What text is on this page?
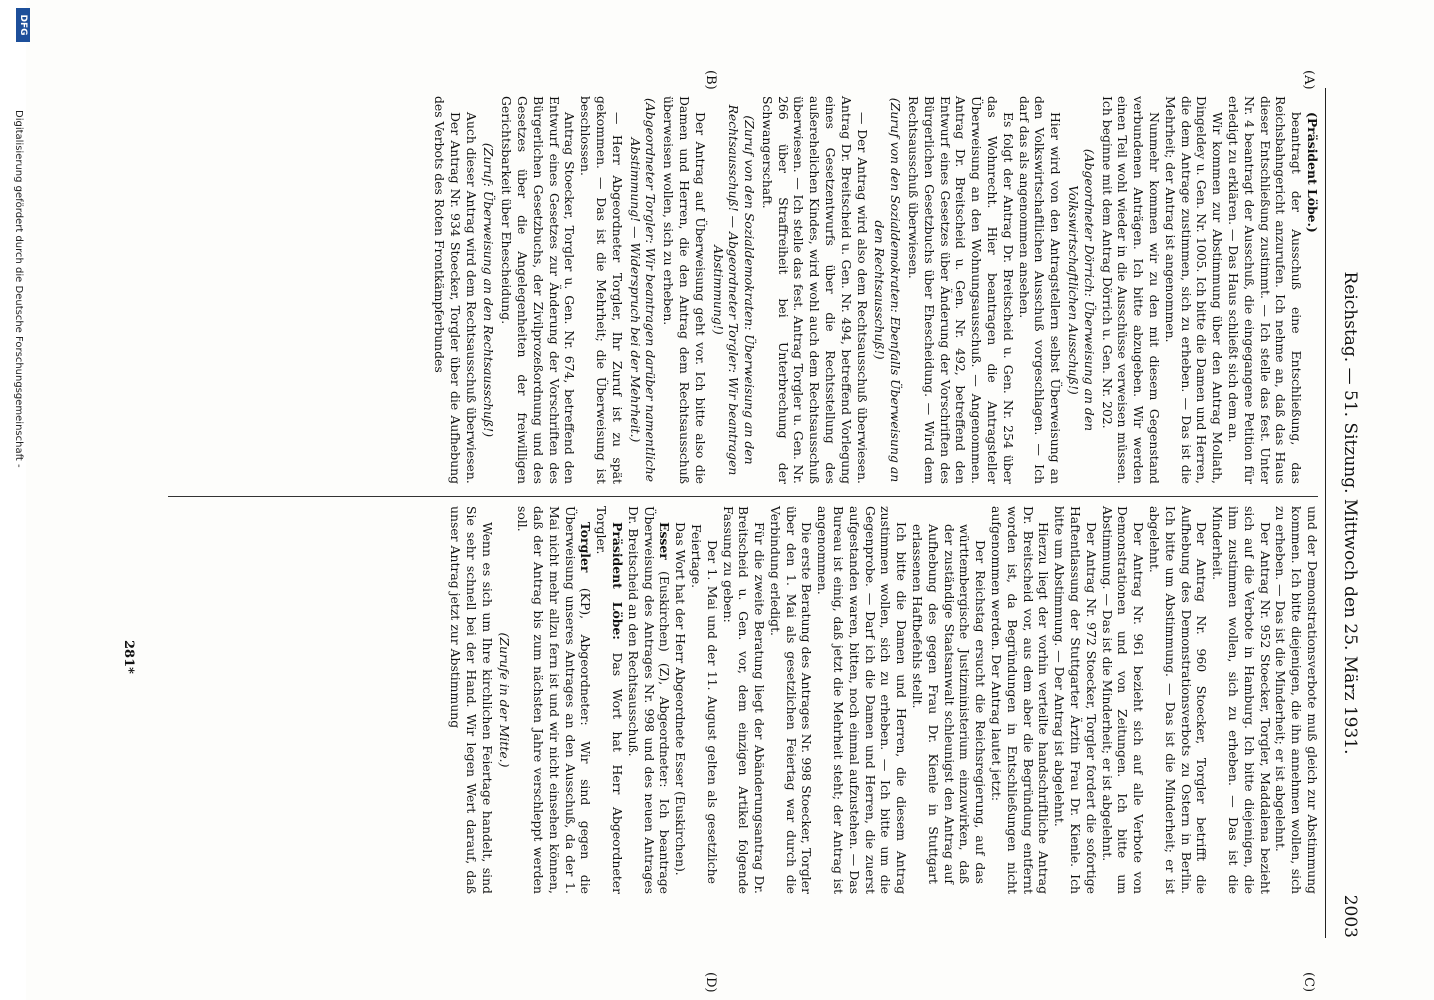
Reichstag. — 51. Sitzung. Mittwoch den 25. März 1931.
2003
(A)
(B)
(C)
(D)

(Präsident Löbe.)

beantragt der Ausschuß eine Entschließung, das Reichsbahngericht anzurufen. Ich nehme an, daß das Haus dieser Entschließung zustimmt. — Ich stelle das fest. Unter Nr. 4 beantragt der Ausschuß, die eingegangene Petition für erledigt zu erklären. — Das Haus schließt sich dem an.

Wir kommen zur Abstimmung über den Antrag Mollath, Dingeldey u. Gen. Nr. 1005. Ich bitte die Damen und Herren, die dem Antrage zustimmen, sich zu erheben. — Das ist die Mehrheit; der Antrag ist angenommen.

Nunmehr kommen wir zu den mit diesem Gegenstand verbundenen Anträgen. Ich bitte abzugeben. Wir werden einen Teil wohl wieder in die Ausschüsse verweisen müssen. Ich beginne mit dem Antrag Dörrich u. Gen. Nr. 202.

(Abgeordneter Dörrich: Überweisung an den Volkswirtschaftlichen Ausschuß!)

Hier wird von den Antragstellern selbst Überweisung an den Volkswirtschaftlichen Ausschuß vorgeschlagen. — Ich darf das als angenommen ansehen.

Es folgt der Antrag Dr. Breitscheid u. Gen. Nr. 254 über das Wohnrecht. Hier beantragen die Antragsteller Überweisung an den Wohnungsausschuß. — Angenommen. Antrag Dr. Breitscheid u. Gen. Nr. 492, betreffend den Entwurf eines Gesetzes über Änderung der Vorschriften des Bürgerlichen Gesetzbuchs über Ehescheidung. — Wird dem Rechtsausschuß überwiesen.

(Zuruf von den Sozialdemokraten: Ebenfalls Überweisung an den Rechtsausschuß!)

— Der Antrag wird also dem Rechtsausschuß überwiesen. Antrag Dr. Breitscheid u. Gen. Nr. 494, betreffend Vorlegung eines Gesetzentwurfs über die Rechtsstellung des außerehelichen Kindes, wird wohl auch dem Rechtsausschuß überwiesen. — Ich stelle das fest. Antrag Torgler u. Gen. Nr. 266 über Straffreiheit bei Unterbrechung der Schwangerschaft.

(Zuruf von den Sozialdemokraten: Überweisung an den Rechtsausschuß! — Abgeordneter Torgler: Wir beantragen Abstimmung!)

Der Antrag auf Überweisung geht vor. Ich bitte also die Damen und Herren, die den Antrag dem Rechtsausschuß überweisen wollen, sich zu erheben.

(Abgeordneter Torgler: Wir beantragen darüber namentliche Abstimmung! — Widerspruch bei der Mehrheit.)

— Herr Abgeordneter Torgler, Ihr Zuruf ist zu spät gekommen. — Das ist die Mehrheit; die Überweisung ist beschlossen.

Antrag Stoecker, Torgler u. Gen. Nr. 674, betreffend den Entwurf eines Gesetzes zur Änderung der Vorschriften des Bürgerlichen Gesetzbuchs, der Zivilprozeßordnung und des Gesetzes über die Angelegenheiten der freiwilligen Gerichtsbarkeit über Ehescheidung.

(Zuruf: Überweisung an den Rechtsausschuß!)

Auch dieser Antrag wird dem Rechtsausschuß überwiesen.

Der Antrag Nr. 934 Stoecker, Torgler über die Aufhebung des Verbots des Roten Frontkämpferbundes

und der Demonstrationsverbote muß gleich zur Abstimmung kommen. Ich bitte diejenigen, die ihn annehmen wollen, sich zu erheben. — Das ist die Minderheit; er ist abgelehnt.

Der Antrag Nr. 952 Stoecker, Torgler, Maddalena bezieht sich auf die Verbote in Hamburg. Ich bitte diejenigen, die ihm zustimmen wollen, sich zu erheben. — Das ist die Minderheit.

Der Antrag Nr. 960 Stoecker, Torgler betrifft die Aufhebung des Demonstrationsverbots zu Ostern in Berlin. Ich bitte um Abstimmung. — Das ist die Minderheit; er ist abgelehnt.

Der Antrag Nr. 961 bezieht sich auf alle Verbote von Demonstrationen und von Zeitungen. Ich bitte um Abstimmung. — Das ist die Minderheit; er ist abgelehnt.

Der Antrag Nr. 972 Stoecker, Torgler fordert die sofortige Haftentlassung der Stuttgarter Ärztin Frau Dr. Kienle. Ich bitte um Abstimmung. — Der Antrag ist abgelehnt.

Hierzu liegt der vorhin verteilte handschriftliche Antrag Dr. Breitscheid vor, aus dem aber die Begründung entfernt worden ist, da Begründungen in Entschließungen nicht aufgenommen werden. Der Antrag lautet jetzt:

Der Reichstag ersucht die Reichsregierung, auf das württembergische Justizministerium einzuwirken, daß der zuständige Staatsanwalt schleunigst den Antrag auf Aufhebung des gegen Frau Dr. Kienle in Stuttgart erlassenen Haftbefehls stellt.

Ich bitte die Damen und Herren, die diesem Antrag zustimmen wollen, sich zu erheben. — Ich bitte um die Gegenprobe. — Darf ich die Damen und Herren, die zuerst aufgestanden waren, bitten, noch einmal aufzustehen. — Das Bureau ist einig, daß jetzt die Mehrheit steht; der Antrag ist angenommen.

Die erste Beratung des Antrages Nr. 998 Stoecker, Torgler über den 1. Mai als gesetzlichen Feiertag war durch die Verbindung erledigt.

Für die zweite Beratung liegt der Abänderungsantrag Dr. Breitscheid u. Gen. vor, dem einzigen Artikel folgende Fassung zu geben:

Der 1. Mai und der 11. August gelten als gesetzliche Feiertage.

Das Wort hat der Herr Abgeordnete Esser (Euskirchen).

Esser (Euskirchen) (Z), Abgeordneter: Ich beantrage Überweisung des Antrages Nr. 998 und des neuen Antrages Dr. Breitscheid an den Rechtsausschuß.

Präsident Löbe: Das Wort hat Herr Abgeordneter Torgler.

Torgler (KP), Abgeordneter: Wir sind gegen die Überweisung unseres Antrages an den Ausschuß, da der 1. Mai nicht mehr allzu fern ist und wir nicht einsehen können, daß der Antrag bis zum nächsten Jahre verschleppt werden soll.

(Zurufe in der Mitte.)

Wenn es sich um Ihre kirchlichen Feiertage handelt, sind Sie sehr schnell bei der Hand. Wir legen Wert darauf, daß unser Antrag jetzt zur Abstimmung

281*
DFG
Digitalisierung gefördert durch die Deutsche Forschungsgemeinschaft -
